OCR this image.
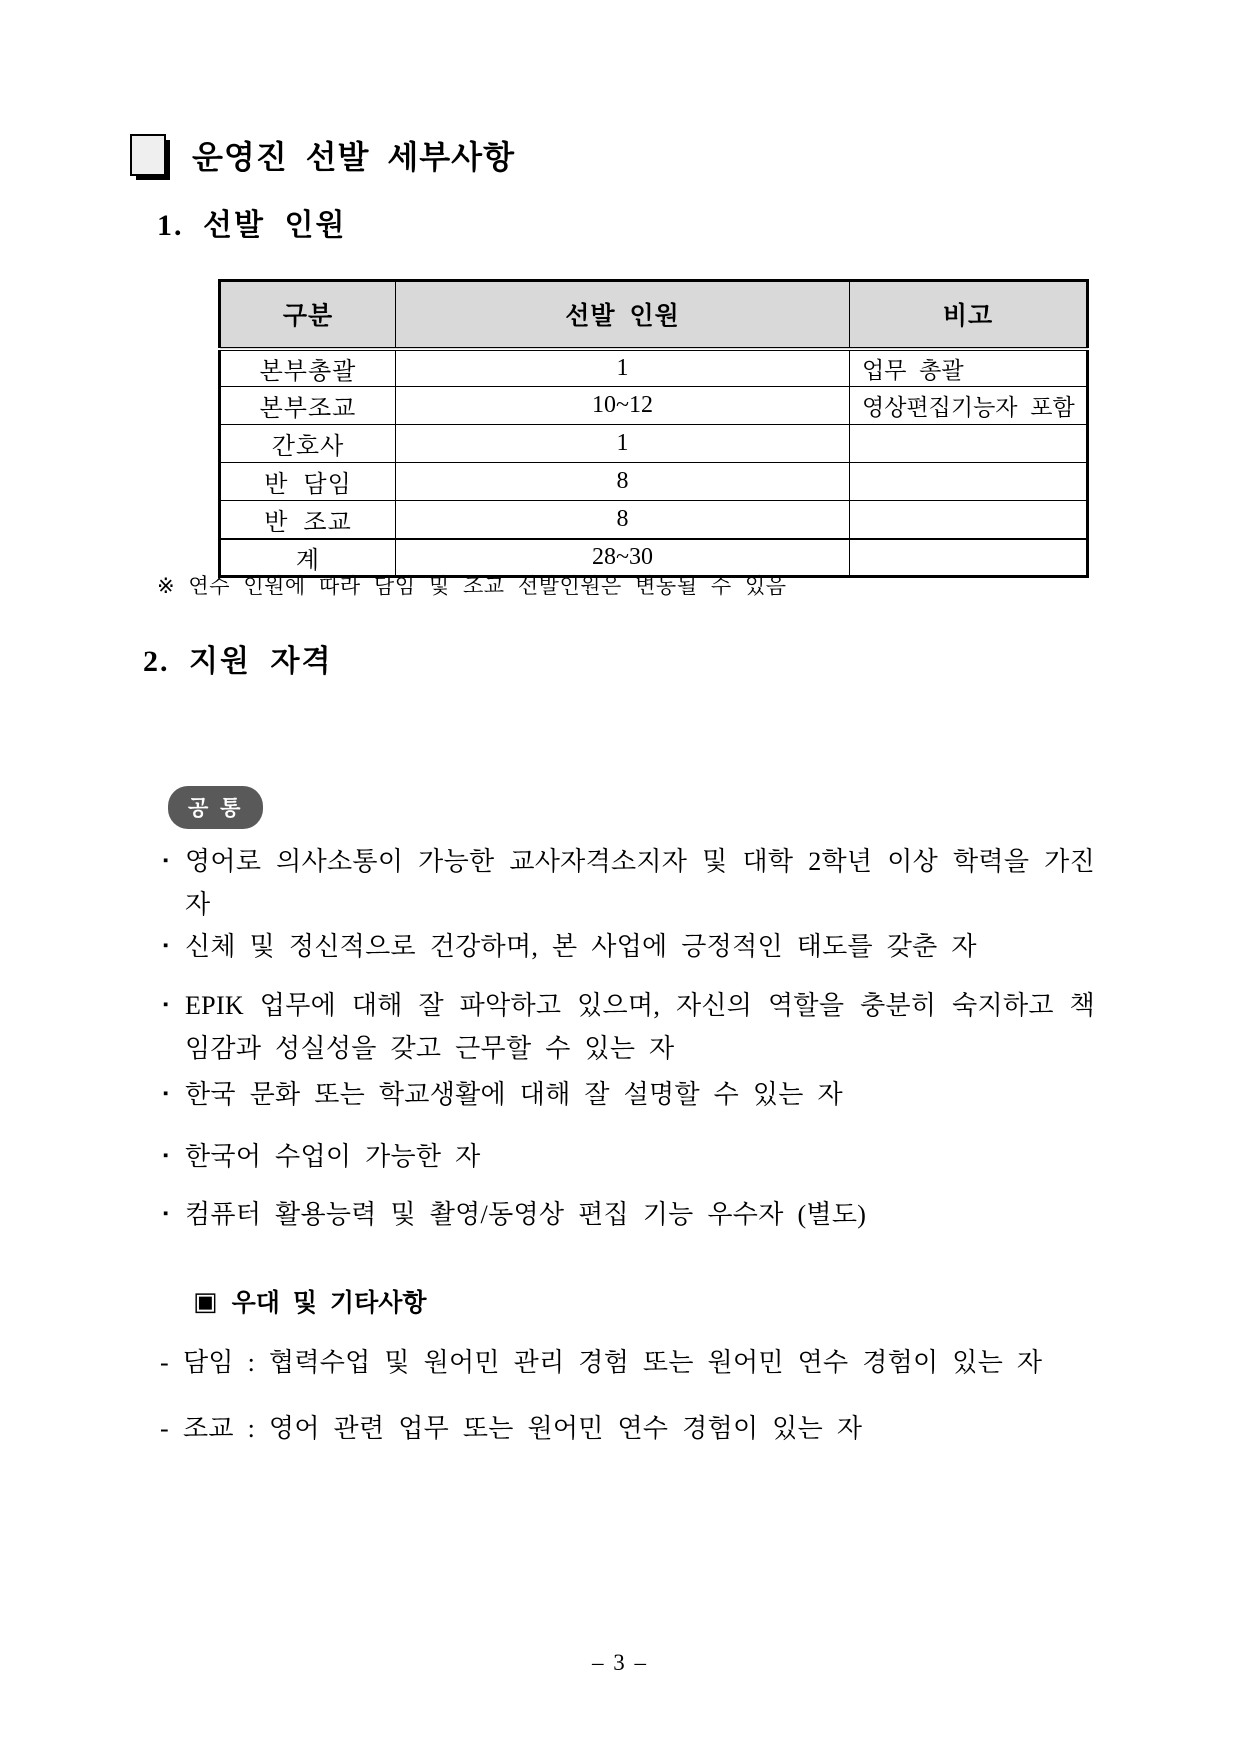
운영진 선발 세부사항
1. 선발 인원
구분	선발 인원	비고
본부총괄	1	업무 총괄
본부조교	10~12	영상편집기능자 포함
간호사	1	
반 담임	8	
반 조교	8	
계	28~30	
※ 연수 인원에 따라 담임 및 조교 선발인원은 변동될 수 있음
2. 지원 자격
공 통
▪ 영어로 의사소통이 가능한 교사자격소지자 및 대학 2학년 이상 학력을 가진 자
▪ 신체 및 정신적으로 건강하며, 본 사업에 긍정적인 태도를 갖춘 자
▪ EPIK 업무에 대해 잘 파악하고 있으며, 자신의 역할을 충분히 숙지하고 책임감과 성실성을 갖고 근무할 수 있는 자
▪ 한국 문화 또는 학교생활에 대해 잘 설명할 수 있는 자
▪ 한국어 수업이 가능한 자
▪ 컴퓨터 활용능력 및 촬영/동영상 편집 기능 우수자 (별도)
▣ 우대 및 기타사항
- 담임 : 협력수업 및 원어민 관리 경험 또는 원어민 연수 경험이 있는 자
- 조교 : 영어 관련 업무 또는 원어민 연수 경험이 있는 자
– 3 –
